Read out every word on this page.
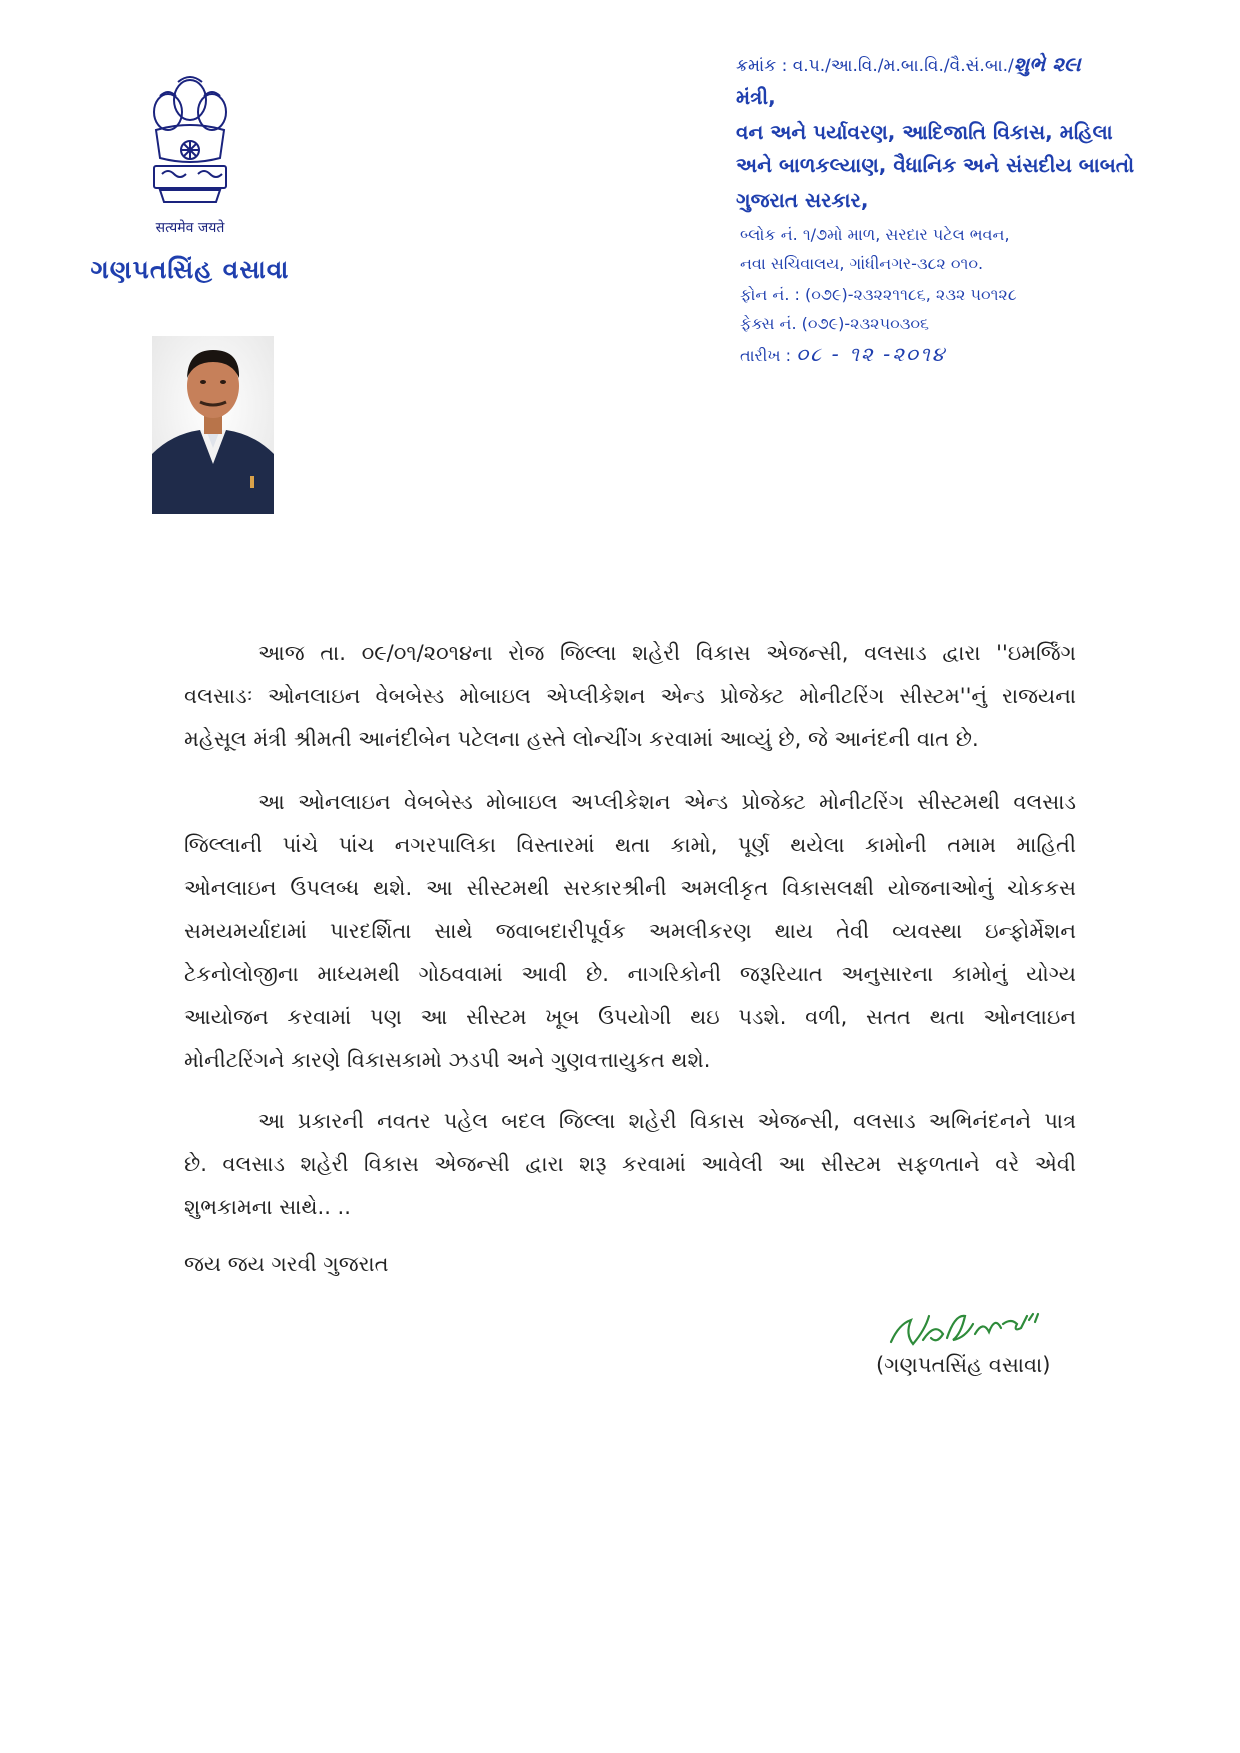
सत्यमेव जयते
ગણપતસિંહ વસાવા
ક્રમાંક : વ.પ./આ.વિ./મ.બા.વિ./વૈ.સં.બા./શુભે ૨૯।
મંત્રી,
વન અને પર્યાવરણ, આદિજાતિ વિકાસ, મહિલા
અને બાળકલ્યાણ, વૈધાનિક અને સંસદીય બાબતો
ગુજરાત સરકાર,
બ્લોક નં. ૧/૭મો માળ, સરદાર પટેલ ભવન,
નવા સચિવાલય, ગાંધીનગર-૩૮૨ ૦૧૦.
ફોન નં. : (૦૭૯)-૨૩૨૨૧૧૮૬, ૨૩૨ ૫૦૧૨૮
ફેક્સ નં. (૦૭૯)-૨૩૨૫૦૩૦૬
તારીખ : ૦૮ - ૧૨ -૨૦૧૪
આજ તા. ૦૯/૦૧/૨૦૧૪ના રોજ જિલ્લા શહેરી વિકાસ એજન્સી, વલસાડ દ્વારા ''ઇમર્જિંગ
વલસાડઃ ઓનલાઇન વેબબેસ્ડ મોબાઇલ એપ્લીકેશન એન્ડ પ્રોજેક્ટ મોનીટરિંગ સીસ્ટમ''નું રાજયના
મહેસૂલ મંત્રી શ્રીમતી આનંદીબેન પટેલના હસ્તે લોન્ચીંગ કરવામાં આવ્યું છે, જે આનંદની વાત છે.
આ ઓનલાઇન વેબબેસ્ડ મોબાઇલ અપ્લીકેશન એન્ડ પ્રોજેક્ટ મોનીટરિંગ સીસ્ટમથી વલસાડ
જિલ્લાની પાંચે પાંચ નગરપાલિકા વિસ્તારમાં થતા કામો, પૂર્ણ થયેલા કામોની તમામ માહિતી
ઓનલાઇન ઉપલબ્ધ થશે. આ સીસ્ટમથી સરકારશ્રીની અમલીકૃત વિકાસલક્ષી યોજનાઓનું ચોકકસ
સમયમર્યાદામાં પારદર્શિતા સાથે જવાબદારીપૂર્વક અમલીકરણ થાય તેવી વ્યવસ્થા ઇન્ફોર્મેશન
ટેકનોલોજીના માધ્યમથી ગોઠવવામાં આવી છે. નાગરિકોની જરૂરિયાત અનુસારના કામોનું યોગ્ય
આયોજન કરવામાં પણ આ સીસ્ટમ ખૂબ ઉપયોગી થઇ પડશે. વળી, સતત થતા ઓનલાઇન
મોનીટરિંગને કારણે વિકાસકામો ઝડપી અને ગુણવત્તાયુકત થશે.
આ પ્રકારની નવતર પહેલ બદલ જિલ્લા શહેરી વિકાસ એજન્સી, વલસાડ અભિનંદનને પાત્ર
છે. વલસાડ શહેરી વિકાસ એજન્સી દ્વારા શરૂ કરવામાં આવેલી આ સીસ્ટમ સફળતાને વરે એવી
શુભકામના સાથે.. ..
જય જય ગરવી ગુજરાત
(ગણપતસિંહ વસાવા)
